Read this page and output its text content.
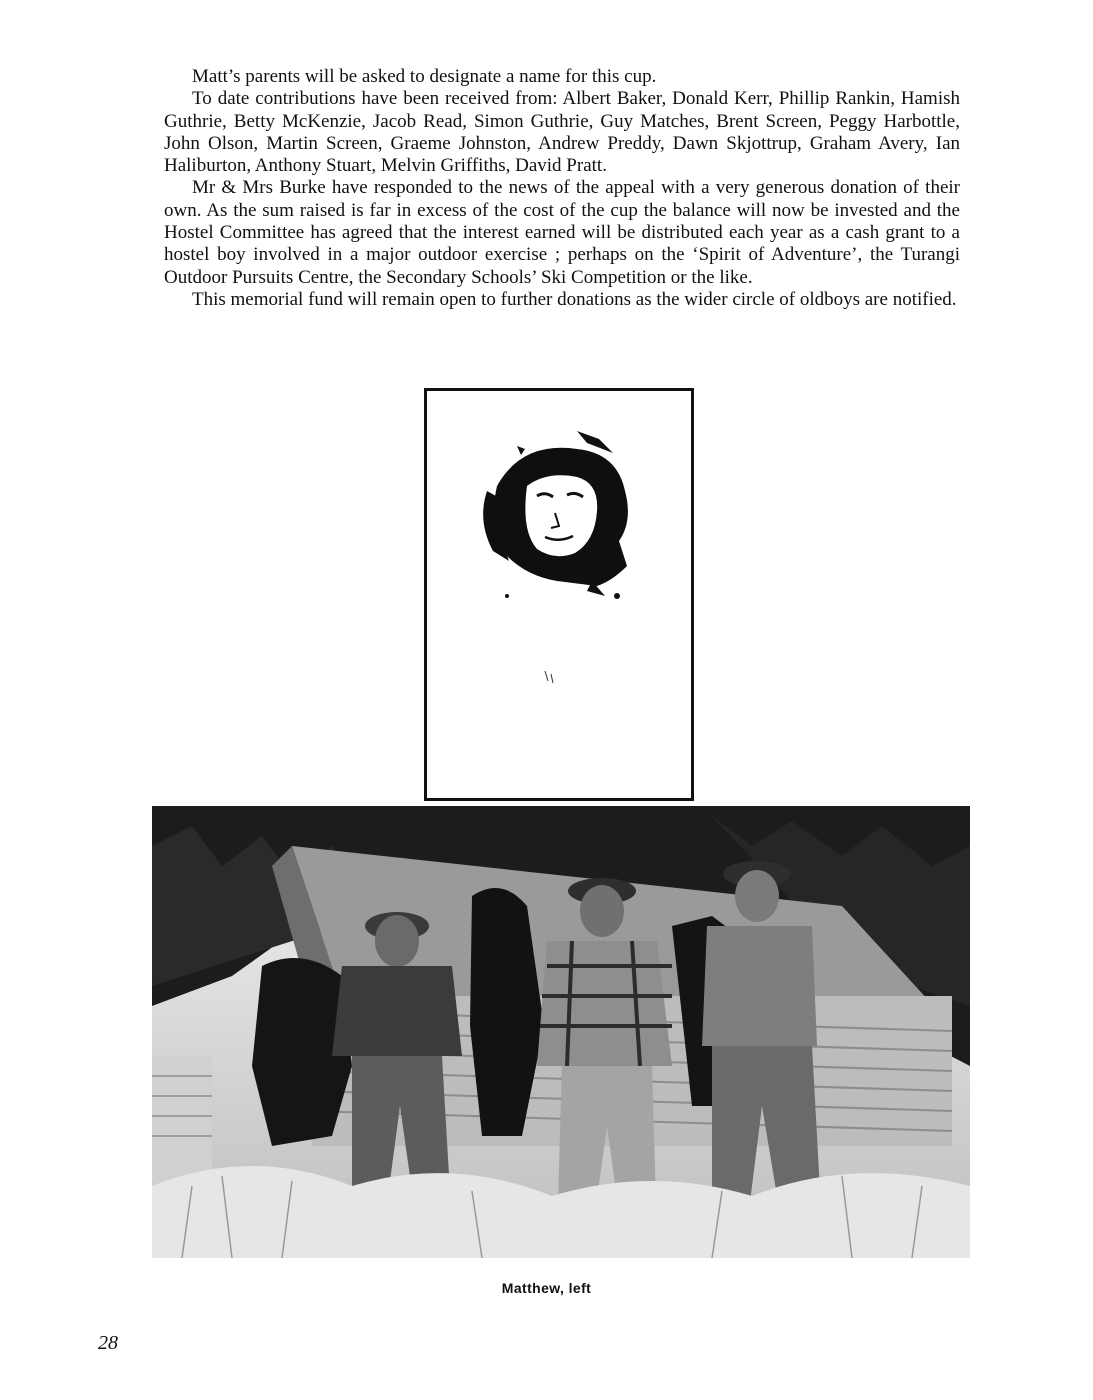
Matt’s parents will be asked to designate a name for this cup.

To date contributions have been received from: Albert Baker, Donald Kerr, Phillip Rankin, Hamish Guthrie, Betty McKenzie, Jacob Read, Simon Guthrie, Guy Matches, Brent Screen, Peggy Harbottle, John Olson, Martin Screen, Graeme Johnston, Andrew Preddy, Dawn Skjottrup, Graham Avery, Ian Haliburton, Anthony Stuart, Melvin Griffiths, David Pratt.

Mr & Mrs Burke have responded to the news of the appeal with a very generous donation of their own. As the sum raised is far in excess of the cost of the cup the balance will now be invested and the Hostel Committee has agreed that the interest earned will be distributed each year as a cash grant to a hostel boy involved in a major outdoor exercise ; perhaps on the ‘Spirit of Adventure’, the Turangi Outdoor Pursuits Centre, the Secondary Schools’ Ski Competition or the like.

This memorial fund will remain open to further donations as the wider circle of oldboys are notified.

Matthew, left
28
